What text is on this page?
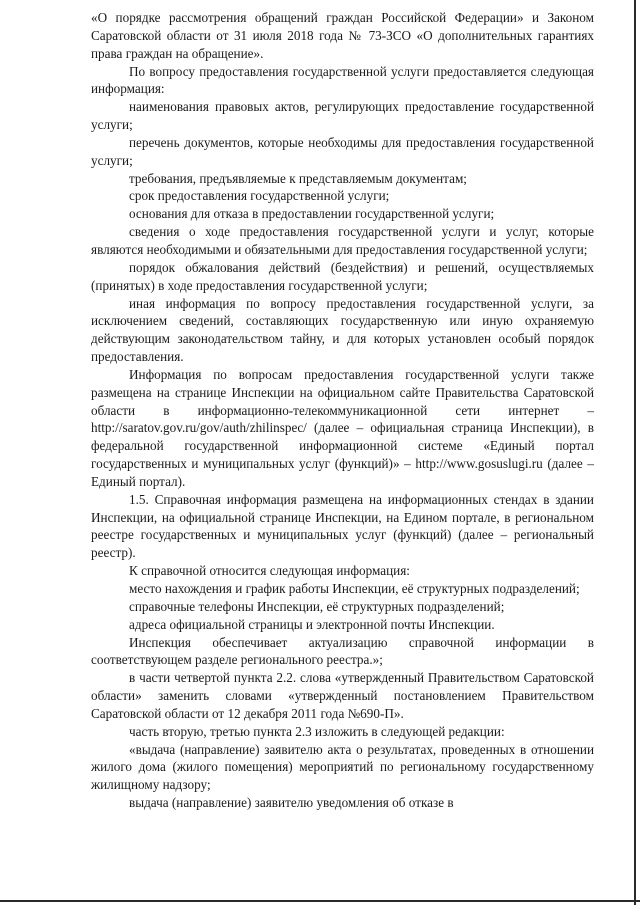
«О порядке рассмотрения обращений граждан Российской Федерации» и Законом Саратовской области от 31 июля 2018 года № 73-ЗСО «О дополнительных гарантиях права граждан на обращение».

По вопросу предоставления государственной услуги предоставляется следующая информация:

наименования правовых актов, регулирующих предоставление государственной услуги;

перечень документов, которые необходимы для предоставления государственной услуги;

требования, предъявляемые к представляемым документам;

срок предоставления государственной услуги;

основания для отказа в предоставлении государственной услуги;

сведения о ходе предоставления государственной услуги и услуг, которые являются необходимыми и обязательными для предоставления государственной услуги;

порядок обжалования действий (бездействия) и решений, осуществляемых (принятых) в ходе предоставления государственной услуги;

иная информация по вопросу предоставления государственной услуги, за исключением сведений, составляющих государственную или иную охраняемую действующим законодательством тайну, и для которых установлен особый порядок предоставления.

Информация по вопросам предоставления государственной услуги также размещена на странице Инспекции на официальном сайте Правительства Саратовской области в информационно-телекоммуникационной сети интернет – http://saratov.gov.ru/gov/auth/zhilinspec/ (далее – официальная страница Инспекции), в федеральной государственной информационной системе «Единый портал государственных и муниципальных услуг (функций)» – http://www.gosuslugi.ru (далее – Единый портал).

1.5. Справочная информация размещена на информационных стендах в здании Инспекции, на официальной странице Инспекции, на Едином портале, в региональном реестре государственных и муниципальных услуг (функций) (далее – региональный реестр).

К справочной относится следующая информация:

место нахождения и график работы Инспекции, её структурных подразделений;

справочные телефоны Инспекции, её структурных подразделений;

адреса официальной страницы и электронной почты Инспекции.

Инспекция обеспечивает актуализацию справочной информации в соответствующем разделе регионального реестра.»;

в части четвертой пункта 2.2. слова «утвержденный Правительством Саратовской области» заменить словами «утвержденный постановлением Правительством Саратовской области от 12 декабря 2011 года №690-П».

часть вторую, третью пункта 2.3 изложить в следующей редакции:

«выдача (направление) заявителю акта о результатах, проведенных в отношении жилого дома (жилого помещения) мероприятий по региональному государственному жилищному надзору;

выдача (направление) заявителю уведомления об отказе в
